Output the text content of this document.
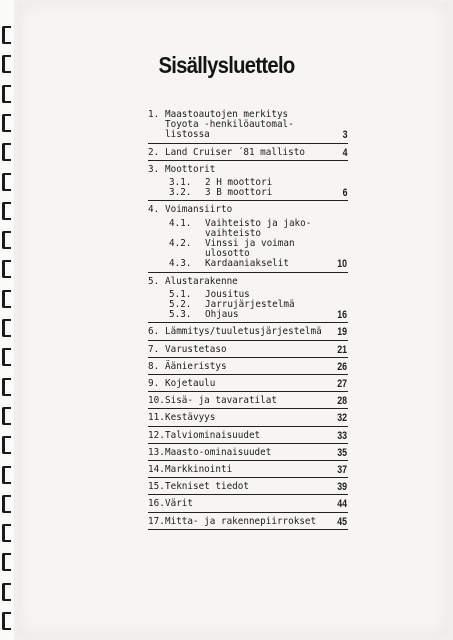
Sisällysluettelo
1. Maastoautojen merkitys
Toyota -henkilöautomal-
listossa	3
2. Land Cruiser ´81 mallisto	4
3. Moottorit
3.1. 2 H moottori
3.2. 3 B moottori	6
4. Voimansiirto
4.1. Vaihteisto ja jako-
vaihteisto
4.2. Vinssi ja voiman
ulosotto
4.3. Kardaaniakselit	10
5. Alustarakenne
5.1. Jousitus
5.2. Jarrujärjestelmä
5.3. Ohjaus	16
6. Lämmitys/tuuletusjärjestelmä	19
7. Varustetaso	21
8. Äänieristys	26
9. Kojetaulu	27
10. Sisä- ja tavaratilat	28
11. Kestävyys	32
12. Talviominaisuudet	33
13. Maasto-ominaisuudet	35
14. Markkinointi	37
15. Tekniset tiedot	39
16. Värit	44
17. Mitta- ja rakennepiirrokset	45
